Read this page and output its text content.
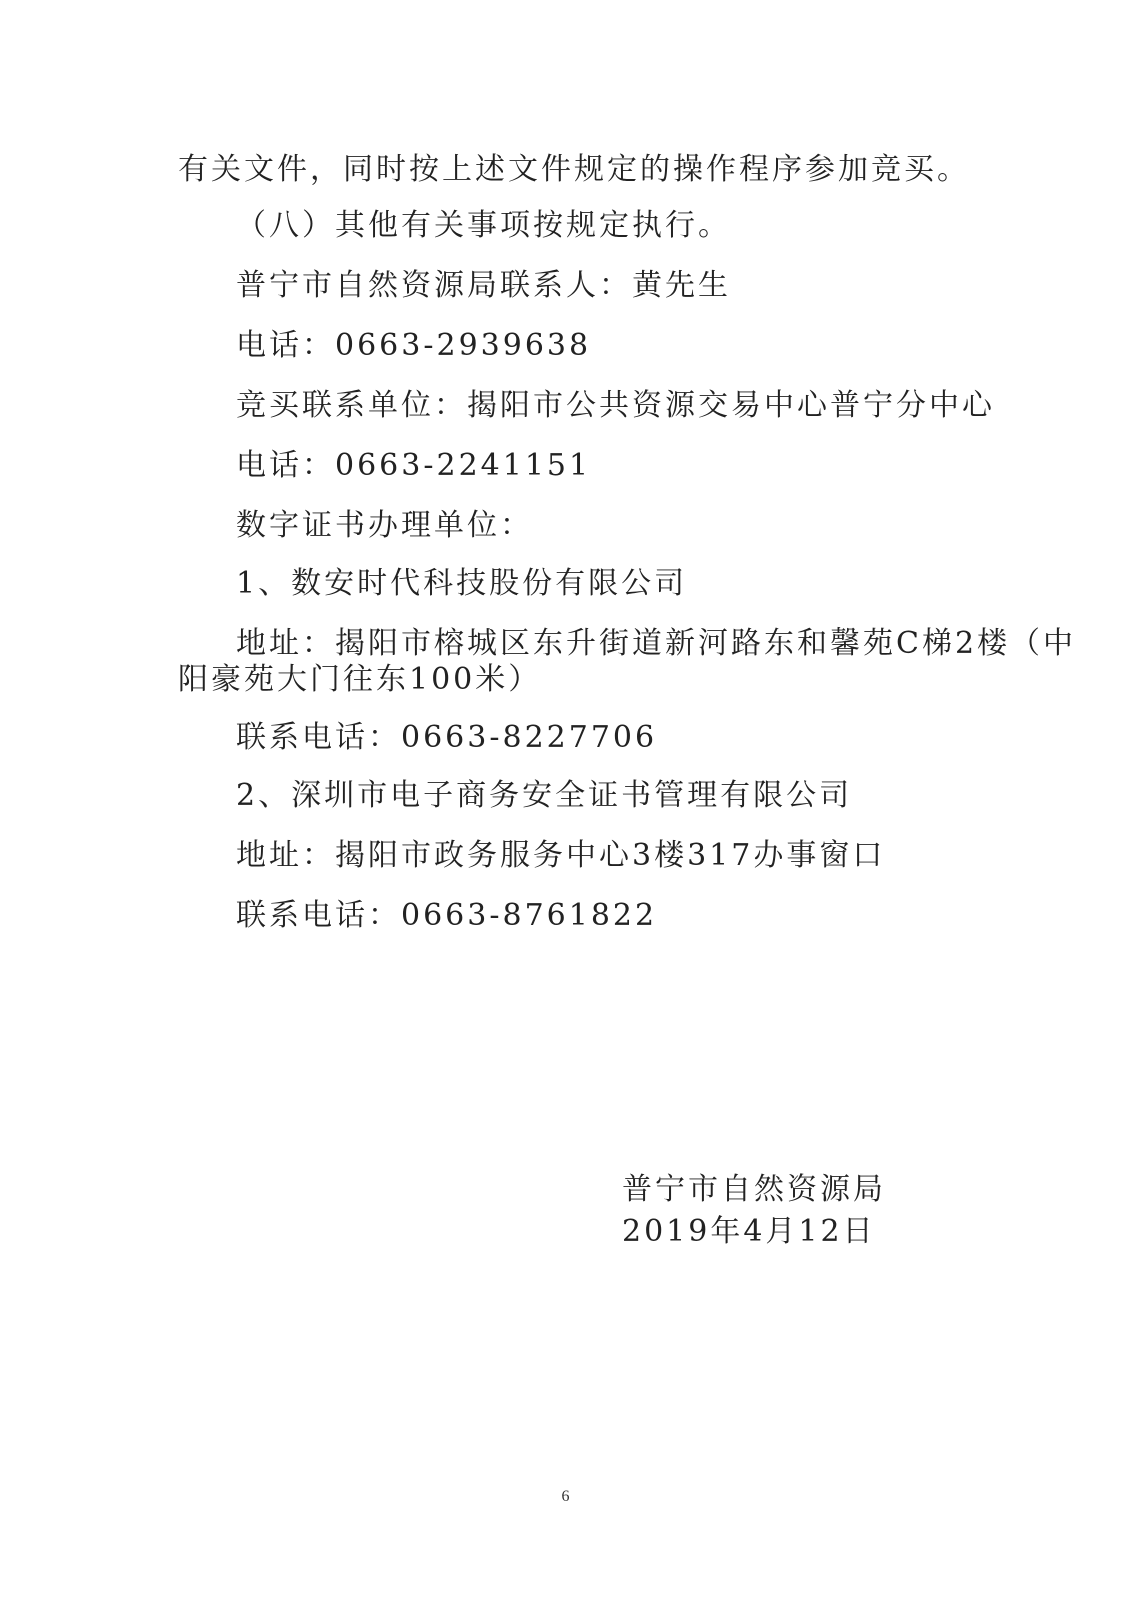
有关文件，同时按上述文件规定的操作程序参加竞买。
（八）其他有关事项按规定执行。
普宁市自然资源局联系人：黄先生
电话：0663-2939638
竞买联系单位：揭阳市公共资源交易中心普宁分中心
电话：0663-2241151
数字证书办理单位：
1、数安时代科技股份有限公司
地址：揭阳市榕城区东升街道新河路东和馨苑C梯2楼（中
阳豪苑大门往东100米）
联系电话：0663-8227706
2、深圳市电子商务安全证书管理有限公司
地址：揭阳市政务服务中心3楼317办事窗口
联系电话：0663-8761822
普宁市自然资源局
2019年4月12日
6
